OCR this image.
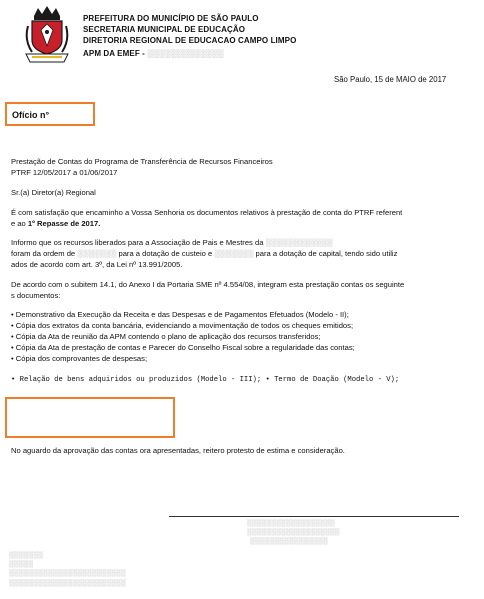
PREFEITURA DO MUNICÍPIO DE SÃO PAULO
SECRETARIA MUNICIPAL DE EDUCAÇÃO
DIRETORIA REGIONAL DE EDUCACAO CAMPO LIMPO
APM DA EMEF - ░░░░░░░░░░░░░
São Paulo, 15 de MAIO de 2017
Ofício n°
Prestação de Contas do Programa de Transferência de Recursos Financeiros
PTRF 12/05/2017 a 01/06/2017
Sr.(a) Diretor(a) Regional
É com satisfação que encaminho a Vossa Senhoria os documentos relativos à prestação de conta do PTRF referent
e ao 1º Repasse de 2017.
Informo que os recursos liberados para a Associação de Pais e Mestres da ░░░░░░░░░░░░
foram da ordem de ░░░░░░░ para a dotação de custeio e ░░░░░░░ para a dotação de capital, tendo sido utiliz
ados de acordo com art. 3º, da Lei nº 13.991/2005.
De acordo com o subitem 14.1, do Anexo I da Portaria SME nº 4.554/08, integram esta prestação contas os seguinte
s documentos:
• Demonstrativo da Execução da Receita e das Despesas e de Pagamentos Efetuados (Modelo - II);
• Cópia dos extratos da conta bancária, evidenciando a movimentação de todos os cheques emitidos;
• Cópia da Ata de reunião da APM contendo o plano de aplicação dos recursos transferidos;
• Cópia da Ata de prestação de contas e Parecer do Conselho Fiscal sobre a regularidade das contas;
• Cópia dos comprovantes de despesas;
• Relação de bens adquiridos ou produzidos (Modelo - III); • Termo de Doação (Modelo - V);
No aguardo da aprovação das contas ora apresentadas, reitero protesto de estima e consideração.
░░░░░░░░░░░░░░░░░░
░░░░░░░░░░░░░░░░░░░
░░░░░░░░░░░░░░░░
░░░░░░░
░░░░░
░░░░░░░░░░░░░░░░░░░░░░░░
░░░░░░░░░░░░░░░░░░░░░░░░
